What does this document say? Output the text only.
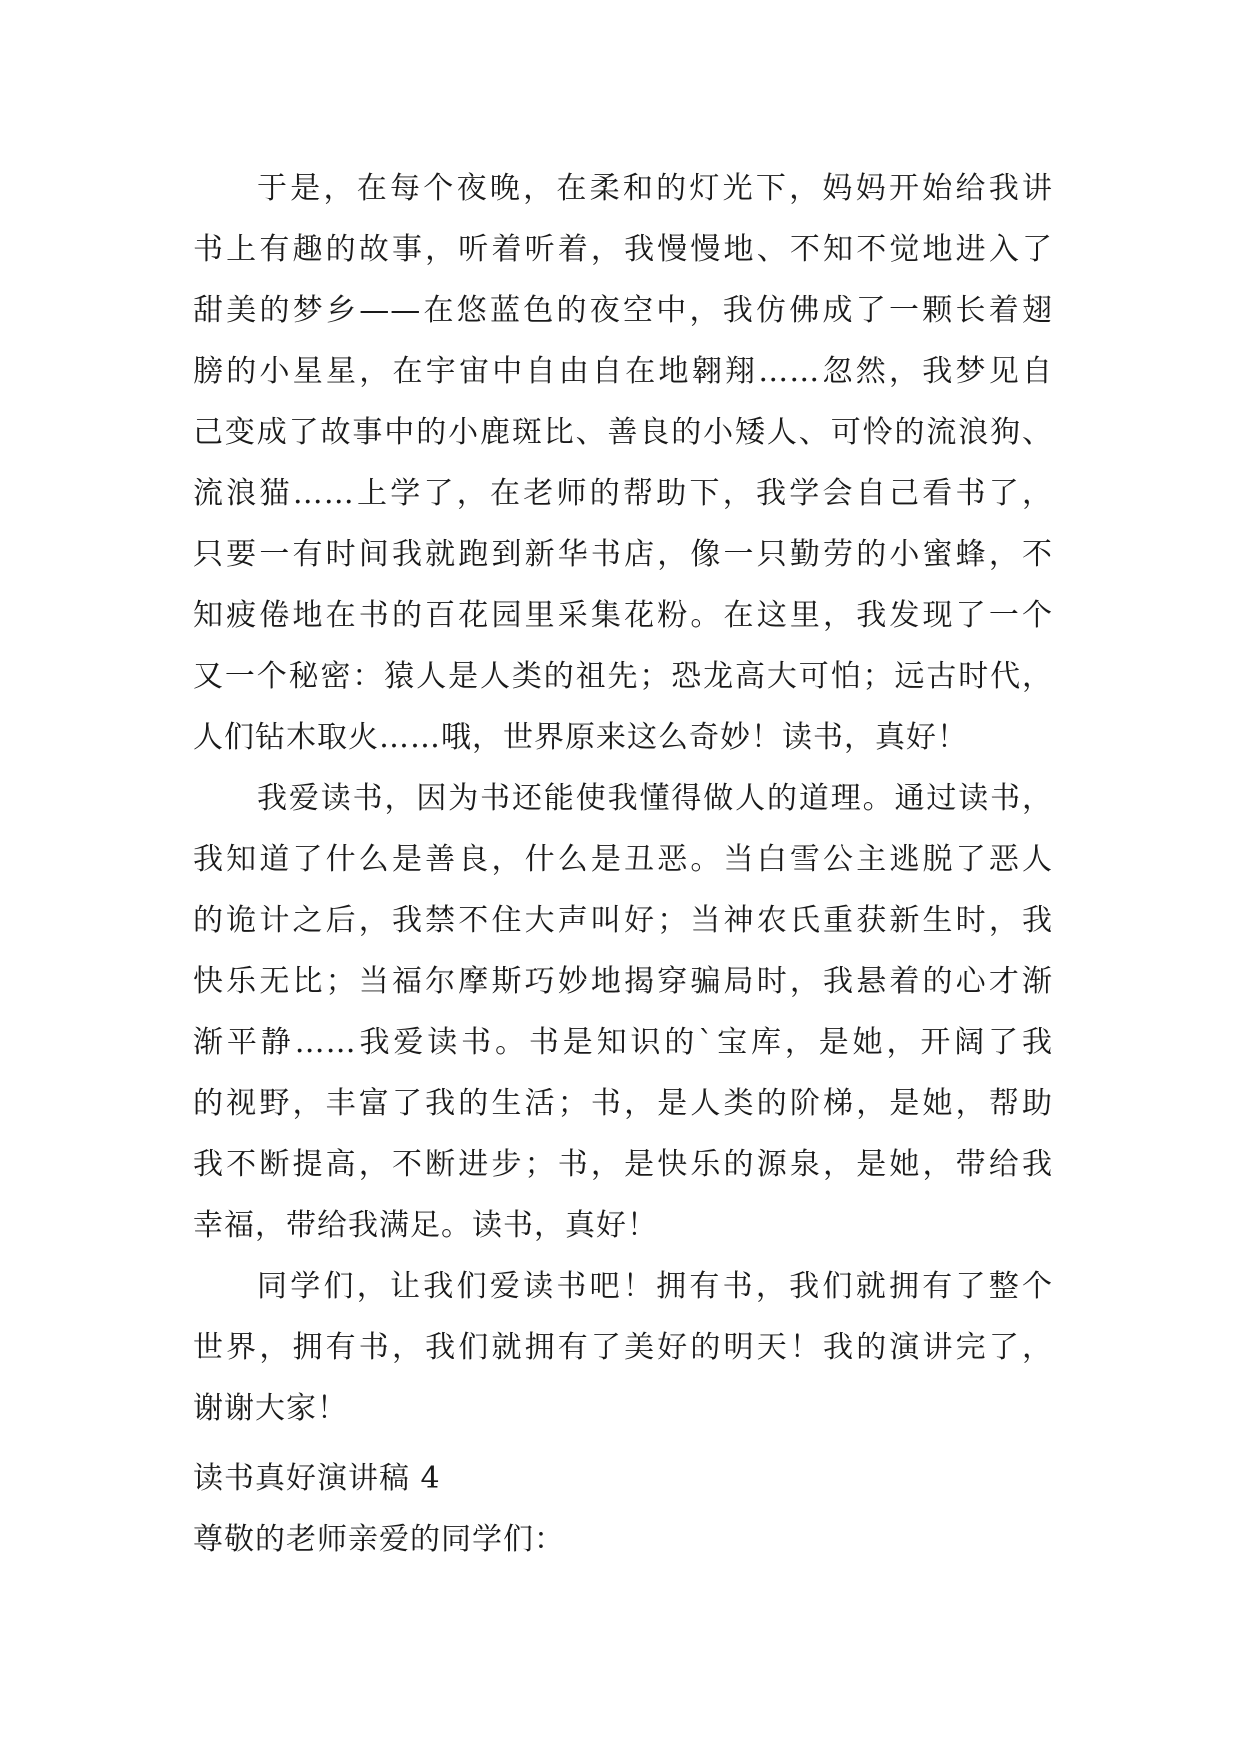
于是，在每个夜晚，在柔和的灯光下，妈妈开始给我讲
书上有趣的故事，听着听着，我慢慢地、不知不觉地进入了
甜美的梦乡——在悠蓝色的夜空中，我仿佛成了一颗长着翅
膀的小星星，在宇宙中自由自在地翱翔……忽然，我梦见自
己变成了故事中的小鹿斑比、善良的小矮人、可怜的流浪狗、
流浪猫……上学了，在老师的帮助下，我学会自己看书了，
只要一有时间我就跑到新华书店，像一只勤劳的小蜜蜂，不
知疲倦地在书的百花园里采集花粉。在这里，我发现了一个
又一个秘密：猿人是人类的祖先；恐龙高大可怕；远古时代，
人们钻木取火……哦，世界原来这么奇妙！读书，真好！
我爱读书，因为书还能使我懂得做人的道理。通过读书，
我知道了什么是善良，什么是丑恶。当白雪公主逃脱了恶人
的诡计之后，我禁不住大声叫好；当神农氏重获新生时，我
快乐无比；当福尔摩斯巧妙地揭穿骗局时，我悬着的心才渐
渐平静……我爱读书。书是知识的`宝库，是她，开阔了我
的视野，丰富了我的生活；书，是人类的阶梯，是她，帮助
我不断提高，不断进步；书，是快乐的源泉，是她，带给我
幸福，带给我满足。读书，真好！
同学们，让我们爱读书吧！拥有书，我们就拥有了整个
世界，拥有书，我们就拥有了美好的明天！我的演讲完了，
谢谢大家！
读书真好演讲稿 4
尊敬的老师亲爱的同学们：
